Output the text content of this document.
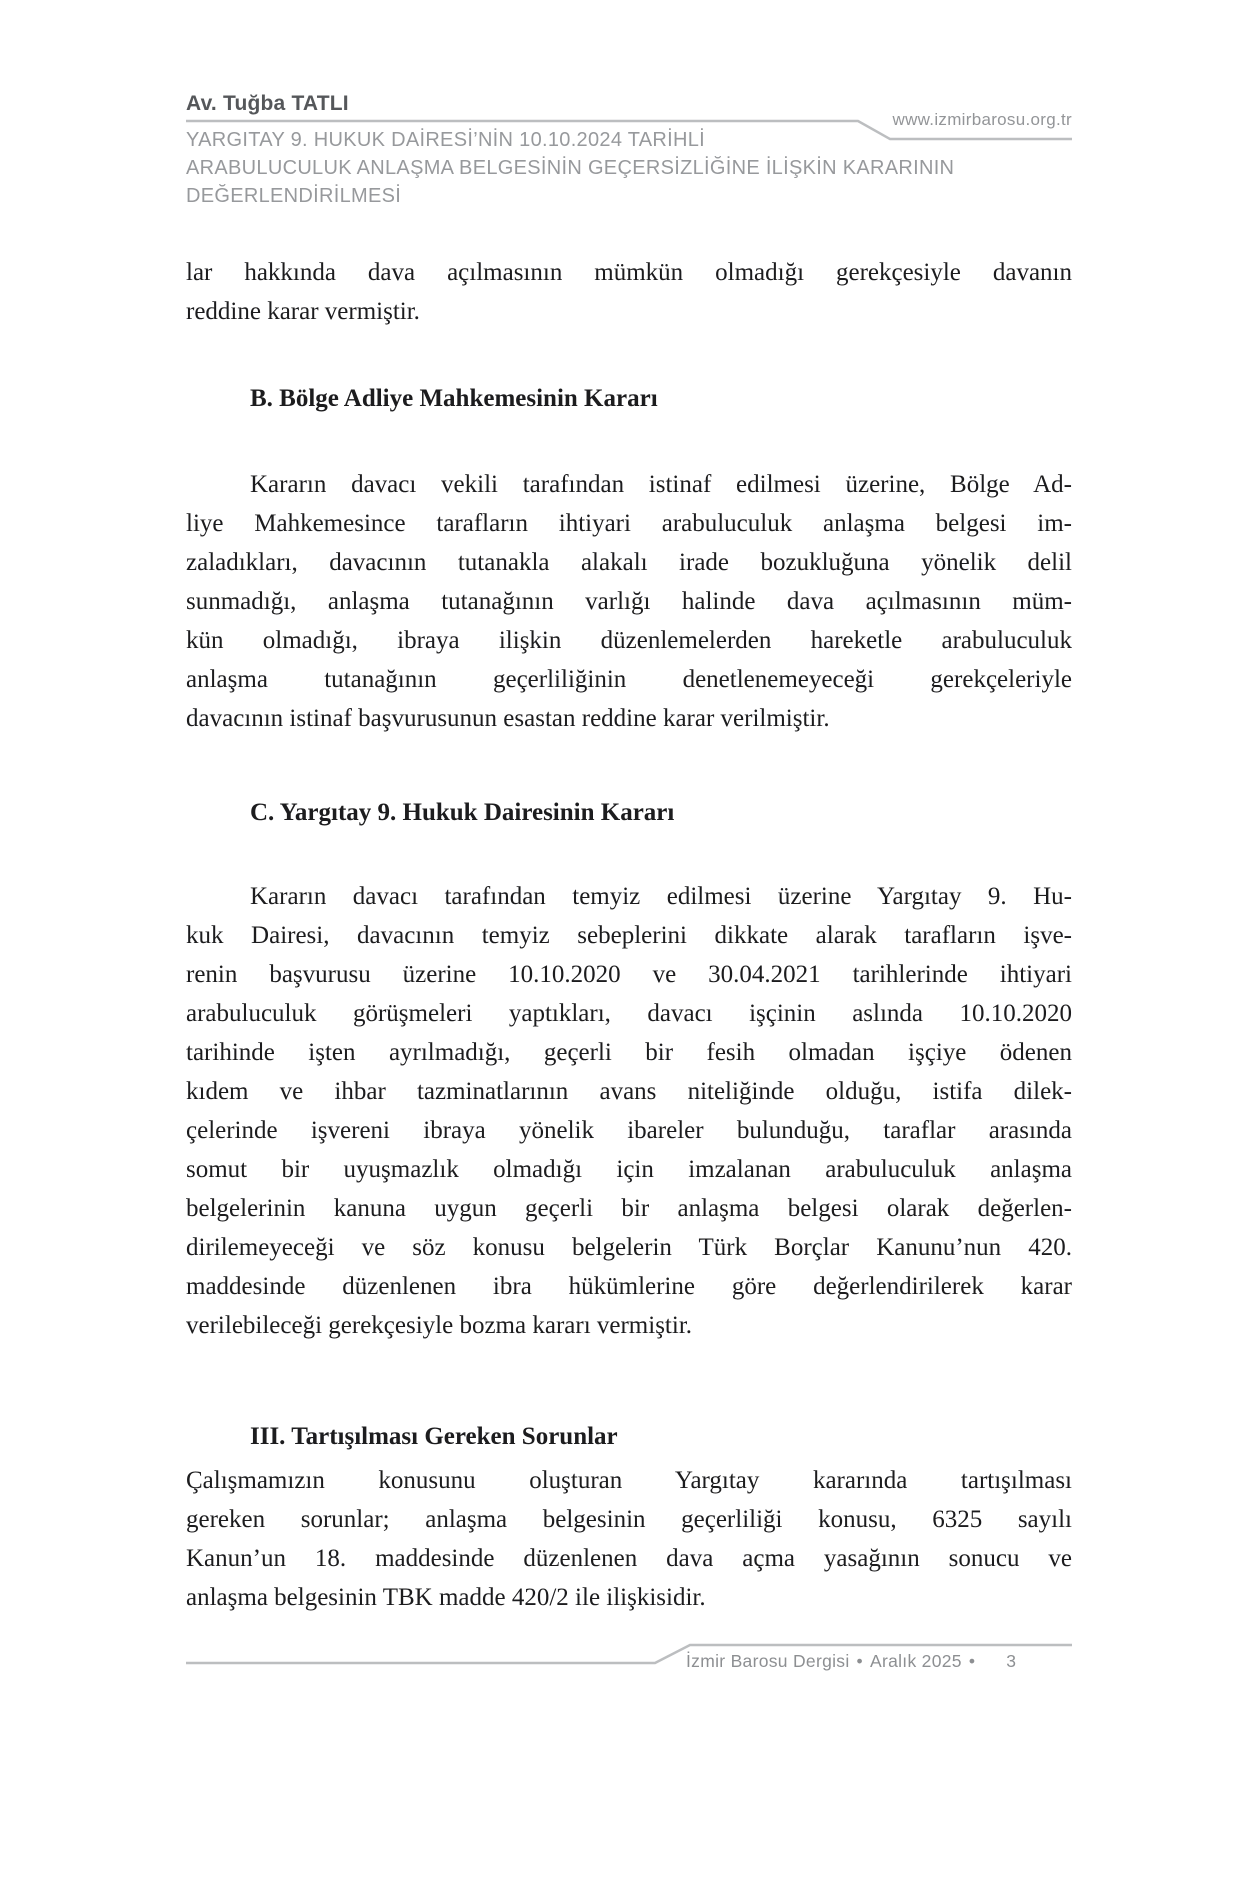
Av. Tuğba TATLI
www.izmirbarosu.org.tr
YARGITAY 9. HUKUK DAİRESİ’NİN 10.10.2024 TARİHLİ
ARABULUCULUK ANLAŞMA BELGESİNİN GEÇERSİZLİĞİNE İLİŞKİN KARARININ
DEĞERLENDİRİLMESİ
lar hakkında dava açılmasının mümkün olmadığı gerekçesiyle davanın
reddine karar vermiştir.
B. Bölge Adliye Mahkemesinin Kararı
Kararın davacı vekili tarafından istinaf edilmesi üzerine, Bölge Ad-
liye Mahkemesince tarafların ihtiyari arabuluculuk anlaşma belgesi im-
zaladıkları, davacının tutanakla alakalı irade bozukluğuna yönelik delil
sunmadığı, anlaşma tutanağının varlığı halinde dava açılmasının müm-
kün olmadığı, ibraya ilişkin düzenlemelerden hareketle arabuluculuk
anlaşma tutanağının geçerliliğinin denetlenemeyeceği gerekçeleriyle
davacının istinaf başvurusunun esastan reddine karar verilmiştir.
C. Yargıtay 9. Hukuk Dairesinin Kararı
Kararın davacı tarafından temyiz edilmesi üzerine Yargıtay 9. Hu-
kuk Dairesi, davacının temyiz sebeplerini dikkate alarak tarafların işve-
renin başvurusu üzerine 10.10.2020 ve 30.04.2021 tarihlerinde ihtiyari
arabuluculuk görüşmeleri yaptıkları, davacı işçinin aslında 10.10.2020
tarihinde işten ayrılmadığı, geçerli bir fesih olmadan işçiye ödenen
kıdem ve ihbar tazminatlarının avans niteliğinde olduğu, istifa dilek-
çelerinde işvereni ibraya yönelik ibareler bulunduğu, taraflar arasında
somut bir uyuşmazlık olmadığı için imzalanan arabuluculuk anlaşma
belgelerinin kanuna uygun geçerli bir anlaşma belgesi olarak değerlen-
dirilemeyeceği ve söz konusu belgelerin Türk Borçlar Kanunu’nun 420.
maddesinde düzenlenen ibra hükümlerine göre değerlendirilerek karar
verilebileceği gerekçesiyle bozma kararı vermiştir.
III. Tartışılması Gereken Sorunlar
Çalışmamızın konusunu oluşturan Yargıtay kararında tartışılması
gereken sorunlar; anlaşma belgesinin geçerliliği konusu, 6325 sayılı
Kanun’un 18. maddesinde düzenlenen dava açma yasağının sonucu ve
anlaşma belgesinin TBK madde 420/2 ile ilişkisidir.
İzmir Barosu Dergisi • Aralık 2025 • 3
